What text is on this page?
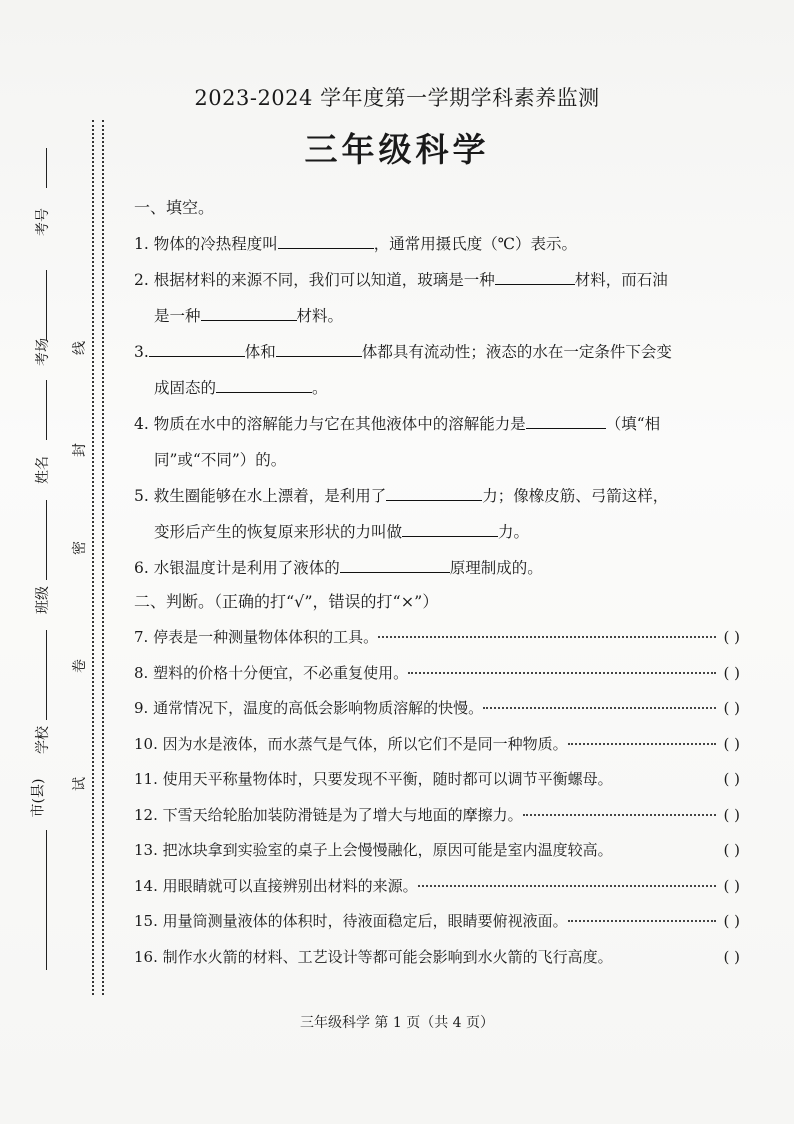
考号
考场
姓名
班级
学校
市(县)
线
封
密
卷
试
2023-2024 学年度第一学期学科素养监测
三年级科学
一、填空。
1. 物体的冷热程度叫	，通常用摄氏度（℃）表示。
2. 根据材料的来源不同，我们可以知道，玻璃是一种	材料，而石油
是一种	材料。
3.	体和	体都具有流动性；液态的水在一定条件下会变
成固态的	。
4. 物质在水中的溶解能力与它在其他液体中的溶解能力是	（填“相
同”或“不同”）的。
5. 救生圈能够在水上漂着，是利用了	力；像橡皮筋、弓箭这样，
变形后产生的恢复原来形状的力叫做	力。
6. 水银温度计是利用了液体的	原理制成的。
二、判断。（正确的打“√”，错误的打“×”）
7. 停表是一种测量物体体积的工具。	( )
8. 塑料的价格十分便宜，不必重复使用。	( )
9. 通常情况下，温度的高低会影响物质溶解的快慢。	( )
10. 因为水是液体，而水蒸气是气体，所以它们不是同一种物质。	( )
11. 使用天平称量物体时，只要发现不平衡，随时都可以调节平衡螺母。	( )
12. 下雪天给轮胎加装防滑链是为了增大与地面的摩擦力。	( )
13. 把冰块拿到实验室的桌子上会慢慢融化，原因可能是室内温度较高。	( )
14. 用眼睛就可以直接辨别出材料的来源。	( )
15. 用量筒测量液体的体积时，待液面稳定后，眼睛要俯视液面。	( )
16. 制作水火箭的材料、工艺设计等都可能会影响到水火箭的飞行高度。	( )
三年级科学 第 1 页（共 4 页）
